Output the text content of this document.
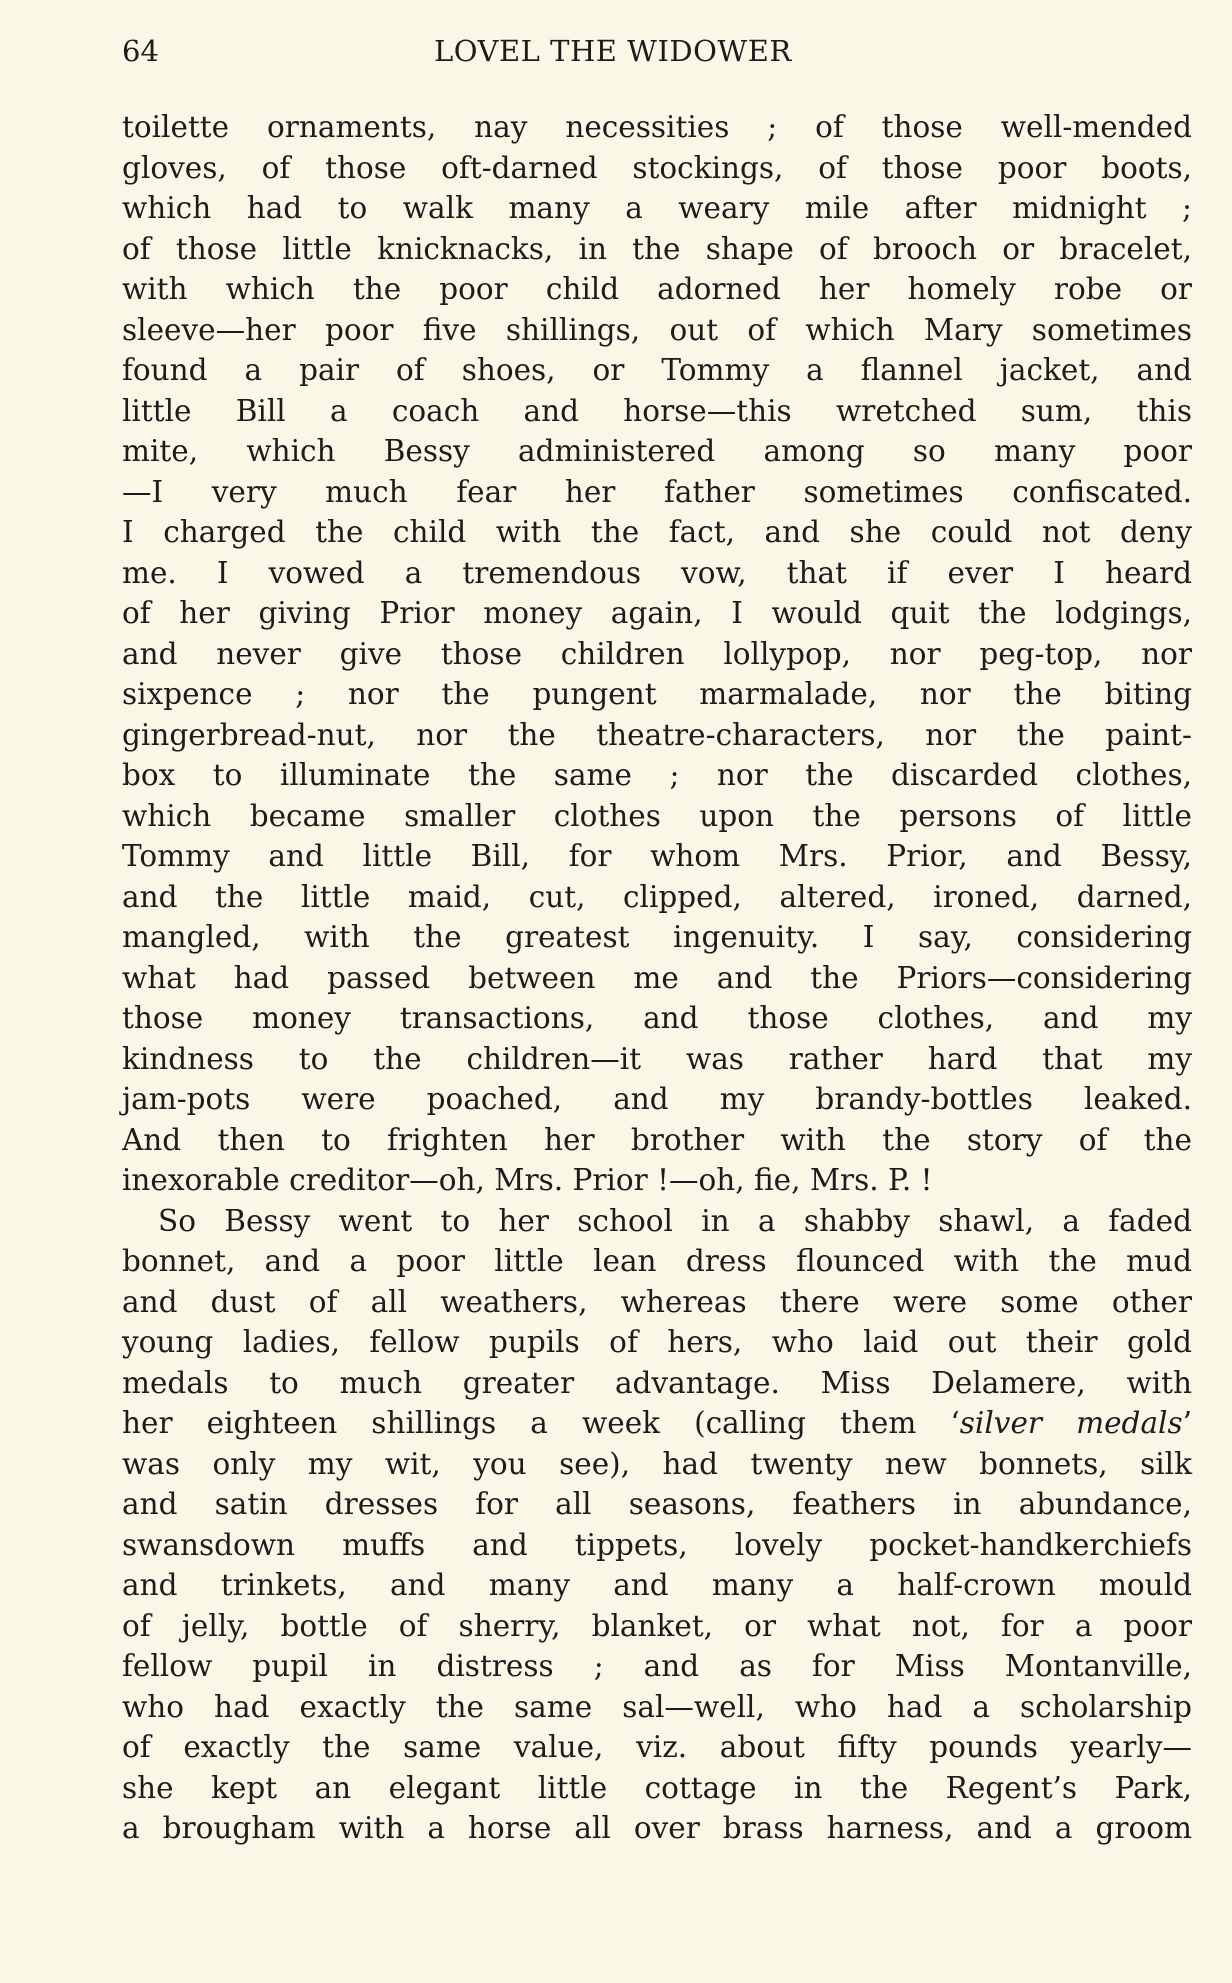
64	LOVEL THE WIDOWER
toilette ornaments, nay necessities ; of those well-mended
gloves, of those oft-darned stockings, of those poor boots,
which had to walk many a weary mile after midnight ;
of those little knicknacks, in the shape of brooch or bracelet,
with which the poor child adorned her homely robe or
sleeve—her poor five shillings, out of which Mary sometimes
found a pair of shoes, or Tommy a flannel jacket, and
little Bill a coach and horse—this wretched sum, this
mite, which Bessy administered among so many poor
—I very much fear her father sometimes confiscated.
I charged the child with the fact, and she could not deny
me. I vowed a tremendous vow, that if ever I heard
of her giving Prior money again, I would quit the lodgings,
and never give those children lollypop, nor peg-top, nor
sixpence ; nor the pungent marmalade, nor the biting
gingerbread-nut, nor the theatre-characters, nor the paint-
box to illuminate the same ; nor the discarded clothes,
which became smaller clothes upon the persons of little
Tommy and little Bill, for whom Mrs. Prior, and Bessy,
and the little maid, cut, clipped, altered, ironed, darned,
mangled, with the greatest ingenuity. I say, considering
what had passed between me and the Priors—considering
those money transactions, and those clothes, and my
kindness to the children—it was rather hard that my
jam-pots were poached, and my brandy-bottles leaked.
And then to frighten her brother with the story of the
inexorable creditor—oh, Mrs. Prior !—oh, fie, Mrs. P. !
So Bessy went to her school in a shabby shawl, a faded
bonnet, and a poor little lean dress flounced with the mud
and dust of all weathers, whereas there were some other
young ladies, fellow pupils of hers, who laid out their gold
medals to much greater advantage. Miss Delamere, with
her eighteen shillings a week (calling them ‘silver medals’
was only my wit, you see), had twenty new bonnets, silk
and satin dresses for all seasons, feathers in abundance,
swansdown muffs and tippets, lovely pocket-handkerchiefs
and trinkets, and many and many a half-crown mould
of jelly, bottle of sherry, blanket, or what not, for a poor
fellow pupil in distress ; and as for Miss Montanville,
who had exactly the same sal—well, who had a scholarship
of exactly the same value, viz. about fifty pounds yearly—
she kept an elegant little cottage in the Regent’s Park,
a brougham with a horse all over brass harness, and a groom
